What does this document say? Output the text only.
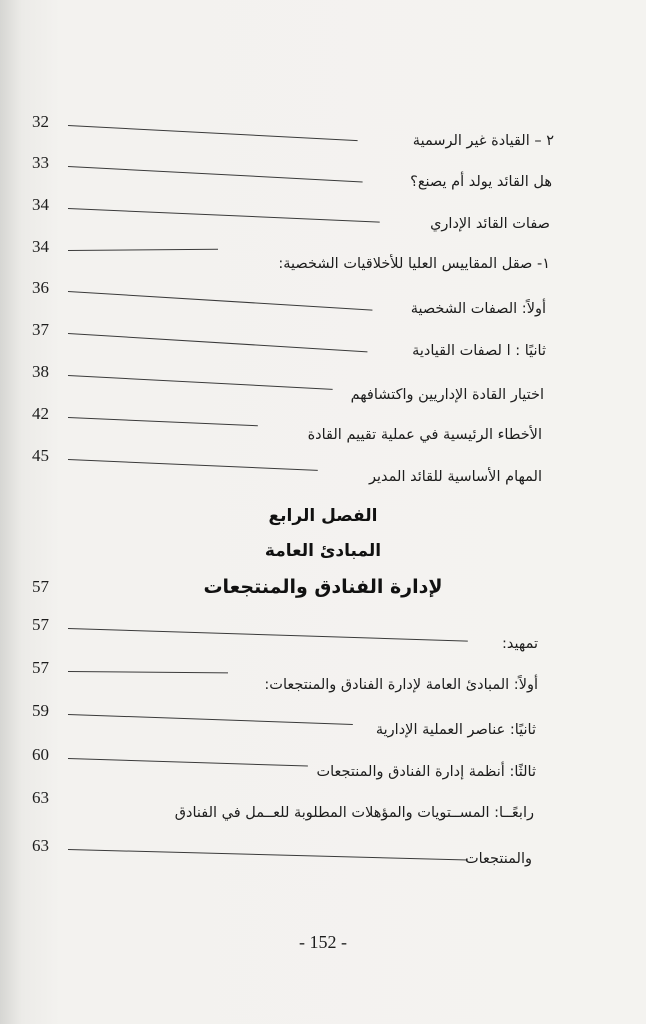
32
٢ – القيادة غير الرسمية
33
هل القائد يولد أم يصنع؟
34
صفات القائد الإداري
34
١- صقل المقاييس العليا للأخلاقيات الشخصية:
36
أولاً: الصفات الشخصية
37
ثانيًا : ا لصفات القيادية
38
اختيار القادة الإداريين واكتشافهم
42
الأخطاء الرئيسية في عملية تقييم القادة
45
المهام الأساسية للقائد المدير
الفصل الرابع
المبادئ العامة
لإدارة الفنادق والمنتجعات
57
57
تمهيد:
57
أولاً: المبادئ العامة لإدارة الفنادق والمنتجعات:
59
ثانيًا: عناصر العملية الإدارية
60
ثالثًا: أنظمة إدارة الفنادق والمنتجعات
63
رابعًــا: المســتويات والمؤهلات المطلوبة للعــمل في الفنادق
63
والمنتجعات
- 152 -
